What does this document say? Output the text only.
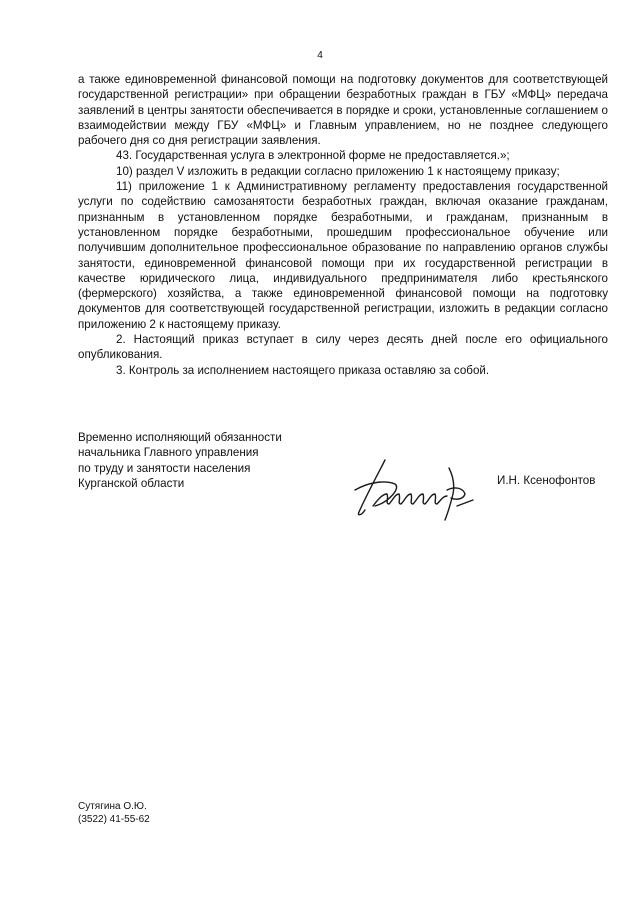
4

а также единовременной финансовой помощи на подготовку документов для соответствующей государственной регистрации» при обращении безработных граждан в ГБУ «МФЦ» передача заявлений в центры занятости обеспечивается в порядке и сроки, установленные соглашением о взаимодействии между ГБУ «МФЦ» и Главным управлением, но не позднее следующего рабочего дня со дня регистрации заявления.

43. Государственная услуга в электронной форме не предоставляется.»;

10) раздел V изложить в редакции согласно приложению 1 к настоящему приказу;

11) приложение 1 к Административному регламенту предоставления государственной услуги по содействию самозанятости безработных граждан, включая оказание гражданам, признанным в установленном порядке безработными, и гражданам, признанным в установленном порядке безработными, прошедшим профессиональное обучение или получившим дополнительное профессиональное образование по направлению органов службы занятости, единовременной финансовой помощи при их государственной регистрации в качестве юридического лица, индивидуального предпринимателя либо крестьянского (фермерского) хозяйства, а также единовременной финансовой помощи на подготовку документов для соответствующей государственной регистрации, изложить в редакции согласно приложению 2 к настоящему приказу.

2. Настоящий приказ вступает в силу через десять дней после его официального опубликования.

3. Контроль за исполнением настоящего приказа оставляю за собой.

Временно исполняющий обязанности
начальника Главного управления
по труду и занятости населения
Курганской области	И.Н. Ксенофонтов
Сутягина О.Ю.
(3522) 41-55-62
